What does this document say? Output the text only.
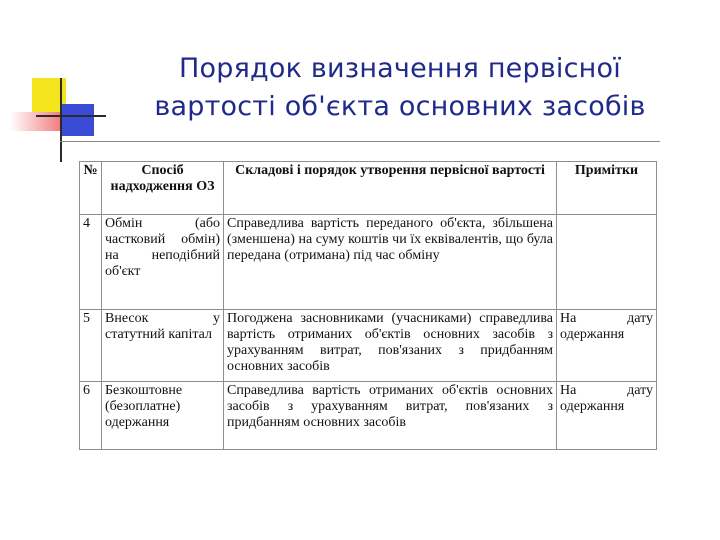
Порядок визначення первісної
вартості об'єкта основних засобів
№	Спосіб надходження ОЗ	Складові і порядок утворення первісної вартості	Примітки
4	Обмін (або частковий обмін) на неподібний об'єкт	Справедлива вартість переданого об'єкта, збільшена (зменшена) на суму коштів чи їх еквівалентів, що була передана (отримана) під час обміну	
5	Внесок у статутний капітал	Погоджена засновниками (учасниками) справедлива вартість отриманих об'єктів основних засобів з урахуванням витрат, пов'язаних з придбанням основних засобів	На дату одержання
6	Безкоштовне (безоплатне) одержання	Справедлива вартість отриманих об'єктів основних засобів з урахуванням витрат, пов'язаних з придбанням основних засобів	На дату одержання
